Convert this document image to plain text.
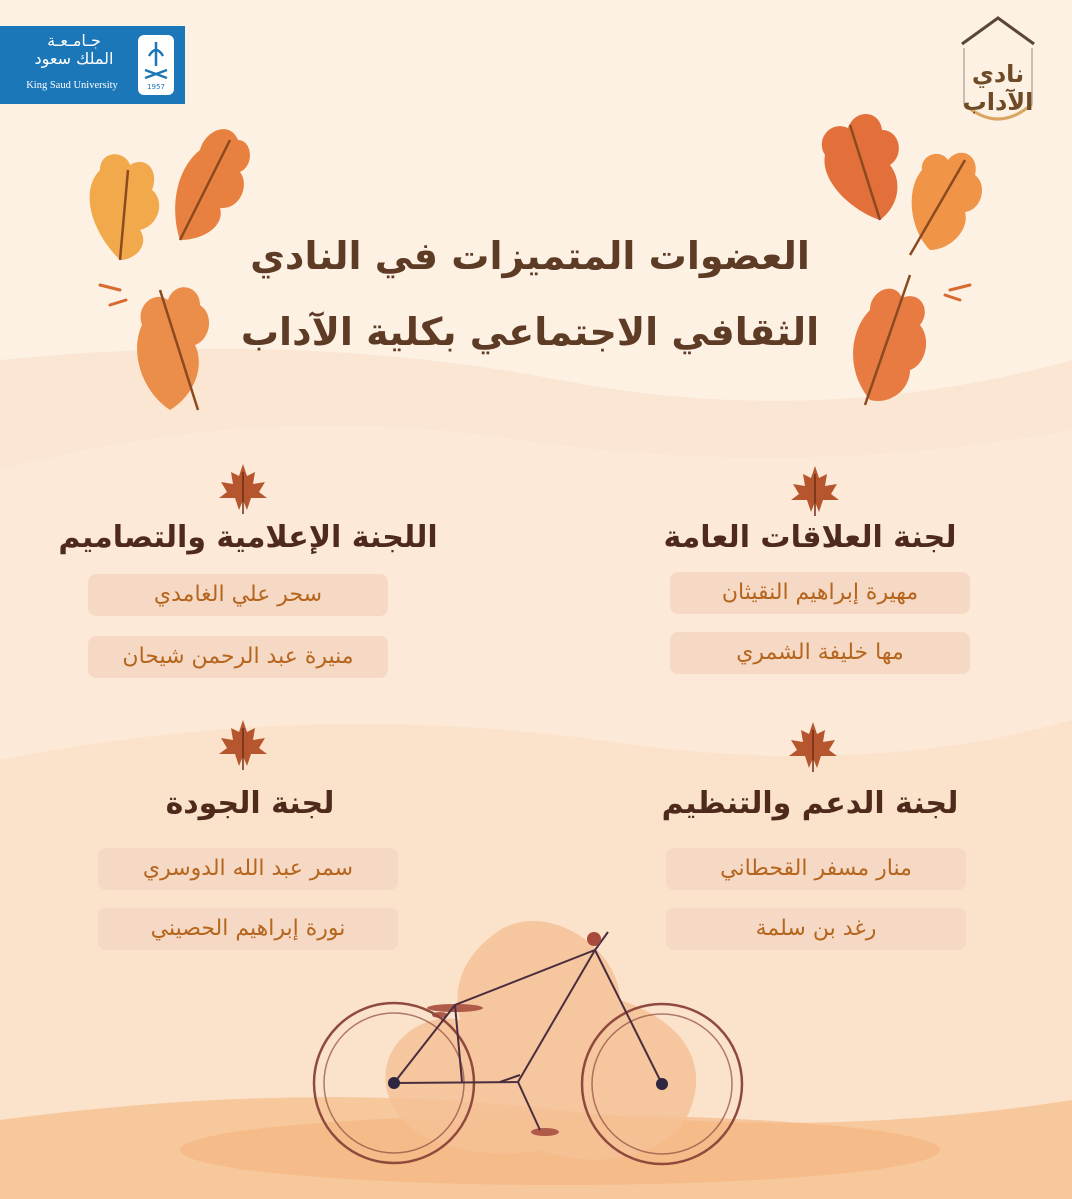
جـامـعـة
الملك سعود
King Saud University	1957	نادي الآداب
العضوات المتميزات في النادي
الثقافي الاجتماعي بكلية الآداب
لجنة العلاقات العامة
مهيرة إبراهيم النقيثان
مها خليفة الشمري
اللجنة الإعلامية والتصاميم
سحر علي الغامدي
منيرة عبد الرحمن شيحان
لجنة الدعم والتنظيم
منار مسفر القحطاني
رغد بن سلمة
لجنة الجودة
سمر عبد الله الدوسري
نورة إبراهيم الحصيني
